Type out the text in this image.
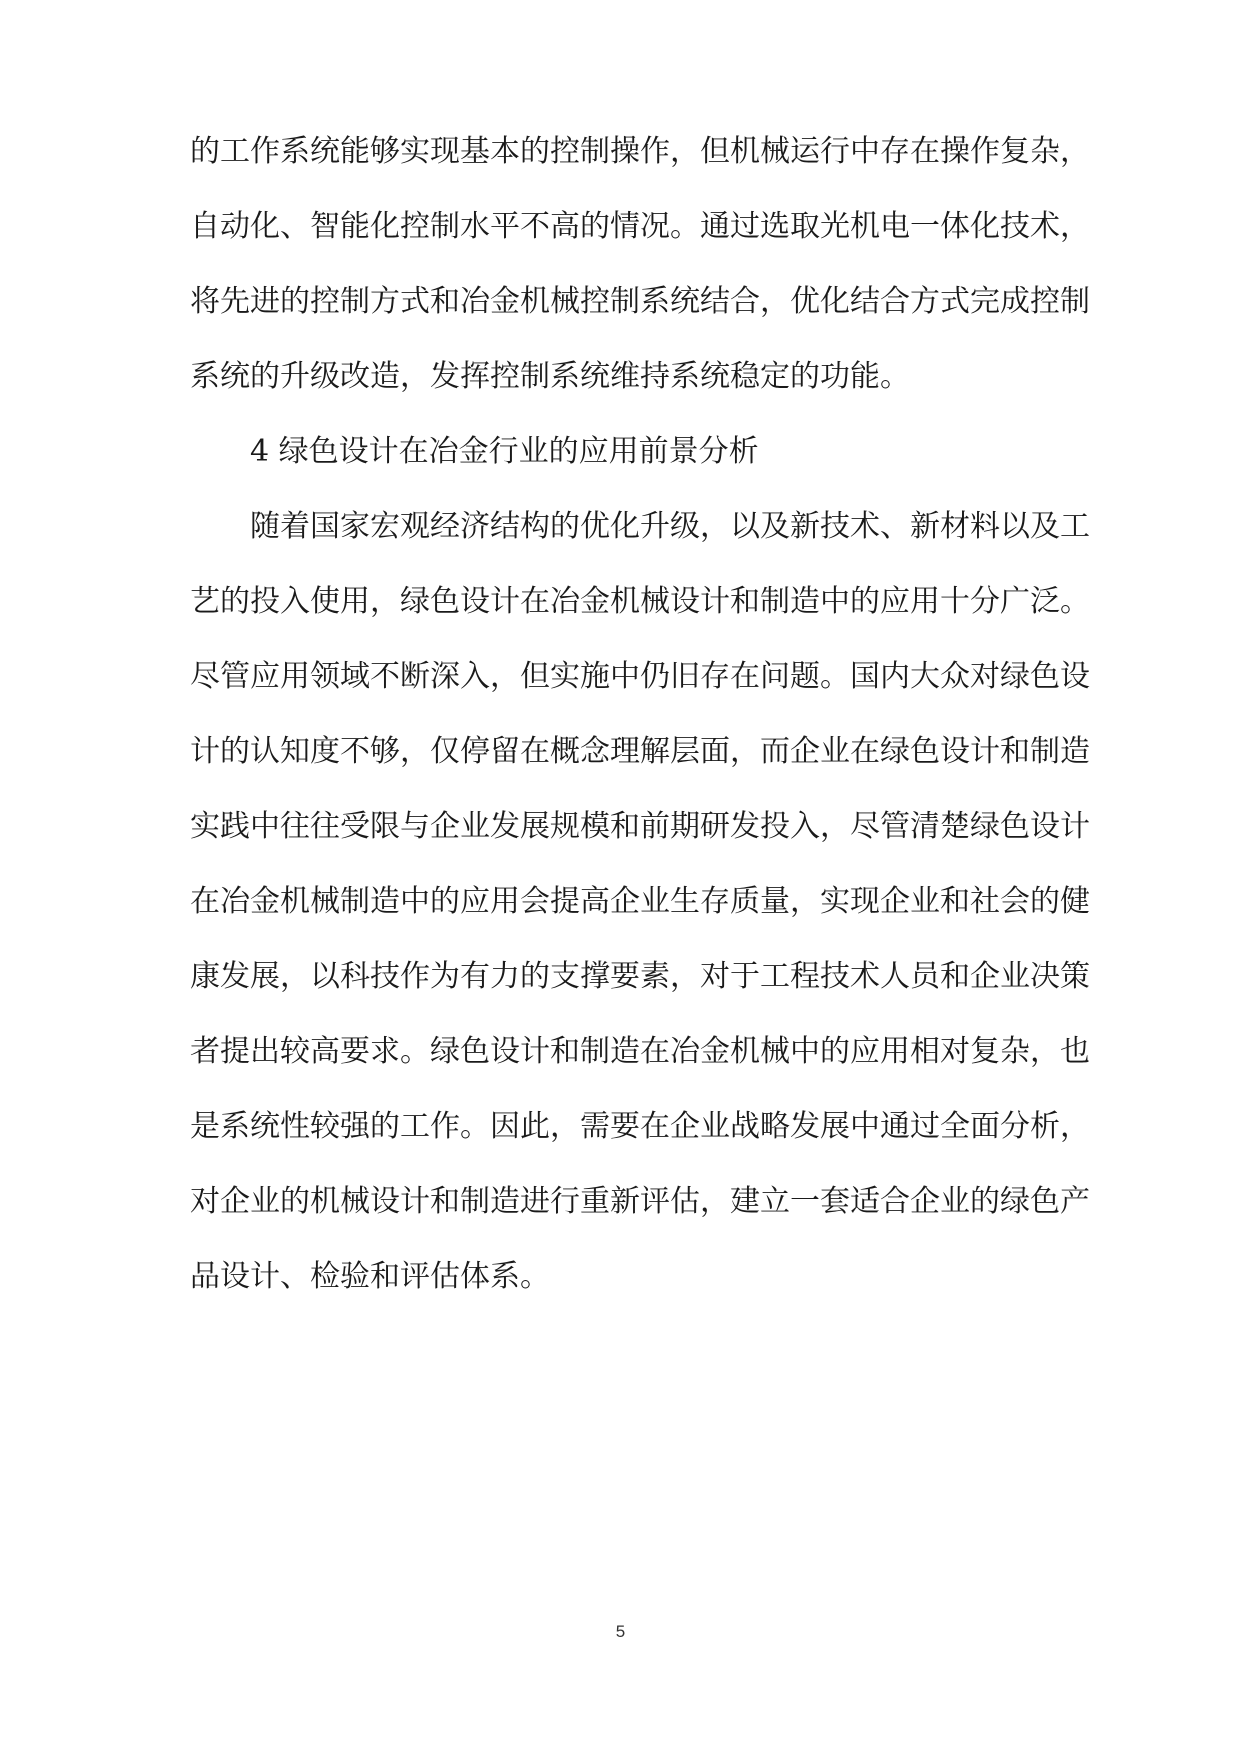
的工作系统能够实现基本的控制操作，但机械运行中存在操作复杂，
自动化、智能化控制水平不高的情况。通过选取光机电一体化技术，
将先进的控制方式和冶金机械控制系统结合，优化结合方式完成控制
系统的升级改造，发挥控制系统维持系统稳定的功能。
4 绿色设计在冶金行业的应用前景分析
随着国家宏观经济结构的优化升级，以及新技术、新材料以及工
艺的投入使用，绿色设计在冶金机械设计和制造中的应用十分广泛。
尽管应用领域不断深入，但实施中仍旧存在问题。国内大众对绿色设
计的认知度不够，仅停留在概念理解层面，而企业在绿色设计和制造
实践中往往受限与企业发展规模和前期研发投入，尽管清楚绿色设计
在冶金机械制造中的应用会提高企业生存质量，实现企业和社会的健
康发展，以科技作为有力的支撑要素，对于工程技术人员和企业决策
者提出较高要求。绿色设计和制造在冶金机械中的应用相对复杂，也
是系统性较强的工作。因此，需要在企业战略发展中通过全面分析，
对企业的机械设计和制造进行重新评估，建立一套适合企业的绿色产
品设计、检验和评估体系。
5
